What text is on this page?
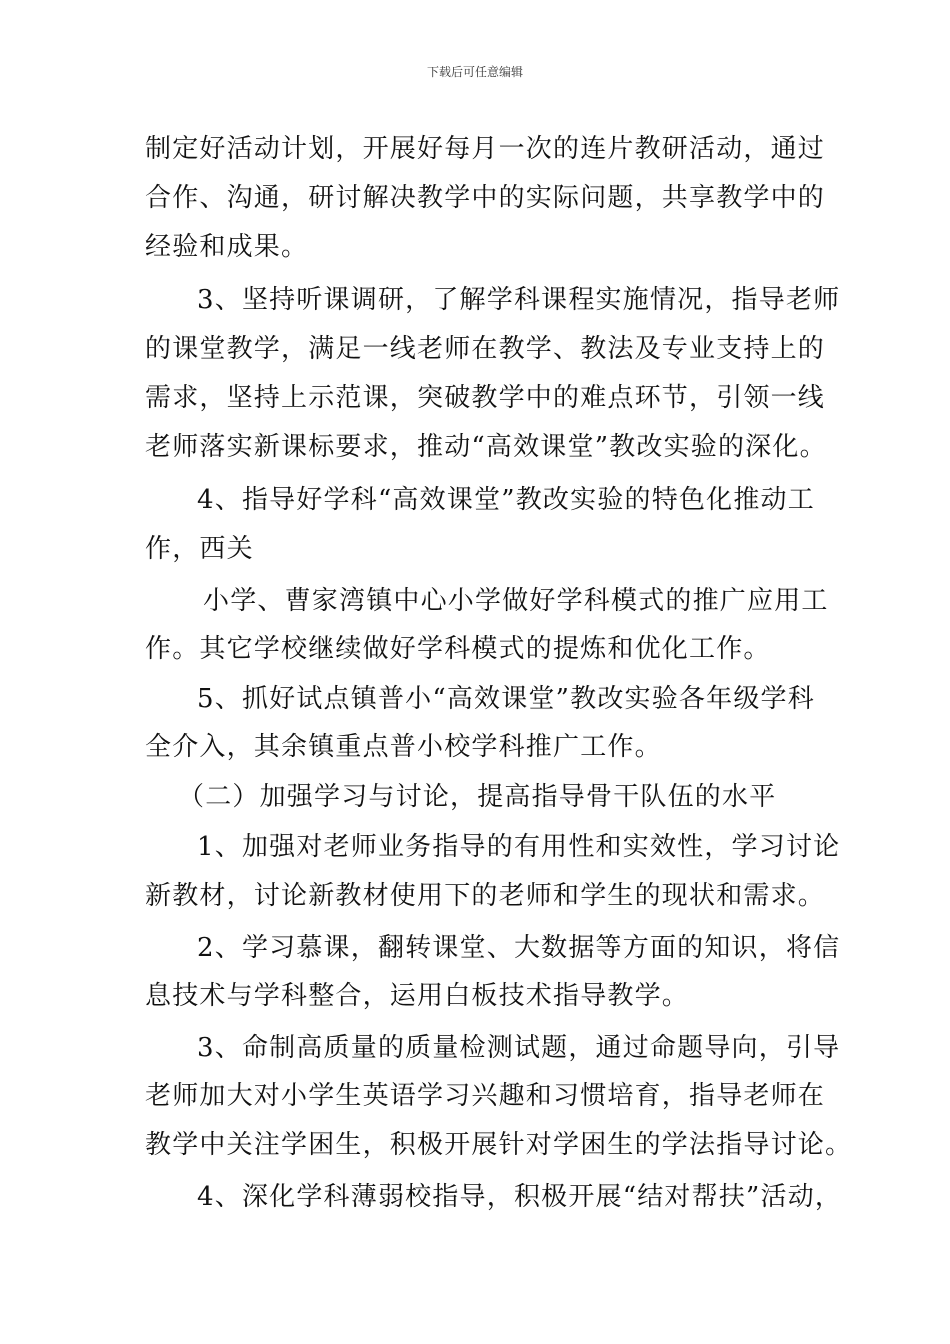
下载后可任意编辑
制定好活动计划，开展好每月一次的连片教研活动，通过
合作、沟通，研讨解决教学中的实际问题，共享教学中的
经验和成果。
3、坚持听课调研，了解学科课程实施情况，指导老师
的课堂教学，满足一线老师在教学、教法及专业支持上的
需求，坚持上示范课，突破教学中的难点环节，引领一线
老师落实新课标要求，推动“高效课堂”教改实验的深化。
4、指导好学科“高效课堂”教改实验的特色化推动工
作，西关
小学、曹家湾镇中心小学做好学科模式的推广应用工
作。其它学校继续做好学科模式的提炼和优化工作。
5、抓好试点镇普小“高效课堂”教改实验各年级学科
全介入，其余镇重点普小校学科推广工作。
（二）加强学习与讨论，提高指导骨干队伍的水平
1、加强对老师业务指导的有用性和实效性，学习讨论
新教材，讨论新教材使用下的老师和学生的现状和需求。
2、学习慕课，翻转课堂、大数据等方面的知识，将信
息技术与学科整合，运用白板技术指导教学。
3、命制高质量的质量检测试题，通过命题导向，引导
老师加大对小学生英语学习兴趣和习惯培育，指导老师在
教学中关注学困生，积极开展针对学困生的学法指导讨论。
4、深化学科薄弱校指导，积极开展“结对帮扶”活动，
